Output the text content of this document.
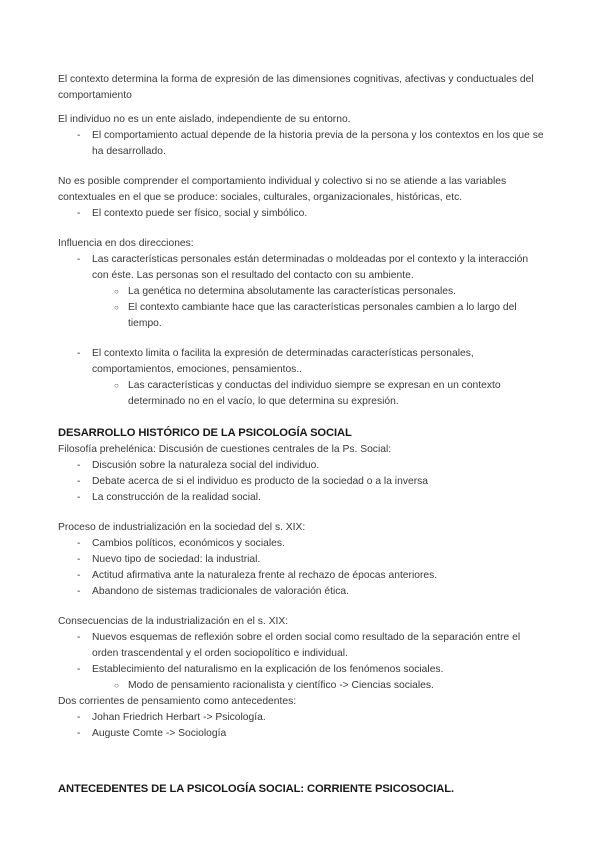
El contexto determina la forma de expresión de las dimensiones cognitivas, afectivas y conductuales del comportamiento

El individuo no es un ente aislado, independiente de su entorno.

- El comportamiento actual depende de la historia previa de la persona y los contextos en los que se ha desarrollado.

No es posible comprender el comportamiento individual y colectivo si no se atiende a las variables contextuales en el que se produce: sociales, culturales, organizacionales, históricas, etc.

- El contexto puede ser físico, social y simbólico.

Influencia en dos direcciones:

- Las características personales están determinadas o moldeadas por el contexto y la interacción con éste. Las personas son el resultado del contacto con su ambiente.
○ La genética no determina absolutamente las características personales.
○ El contexto cambiante hace que las características personales cambien a lo largo del tiempo.
- El contexto limita o facilita la expresión de determinadas características personales, comportamientos, emociones, pensamientos..
○ Las características y conductas del individuo siempre se expresan en un contexto determinado no en el vacío, lo que determina su expresión.
DESARROLLO HISTÓRICO DE LA PSICOLOGÍA SOCIAL

Filosofía prehelénica: Discusión de cuestiones centrales de la Ps. Social:

- Discusión sobre la naturaleza social del individuo.
- Debate acerca de si el individuo es producto de la sociedad o a la inversa
- La construcción de la realidad social.

Proceso de industrialización en la sociedad del s. XIX:

- Cambios políticos, económicos y sociales.
- Nuevo tipo de sociedad: la industrial.
- Actitud afirmativa ante la naturaleza frente al rechazo de épocas anteriores.
- Abandono de sistemas tradicionales de valoración ética.

Consecuencias de la industrialización en el s. XIX:

- Nuevos esquemas de reflexión sobre el orden social como resultado de la separación entre el orden trascendental y el orden sociopolítico e individual.
- Establecimiento del naturalismo en la explicación de los fenómenos sociales.
○ Modo de pensamiento racionalista y científico -> Ciencias sociales.

Dos corrientes de pensamiento como antecedentes:

- Johan Friedrich Herbart -> Psicología.
- Auguste Comte -> Sociología
ANTECEDENTES DE LA PSICOLOGÍA SOCIAL: CORRIENTE PSICOSOCIAL.
